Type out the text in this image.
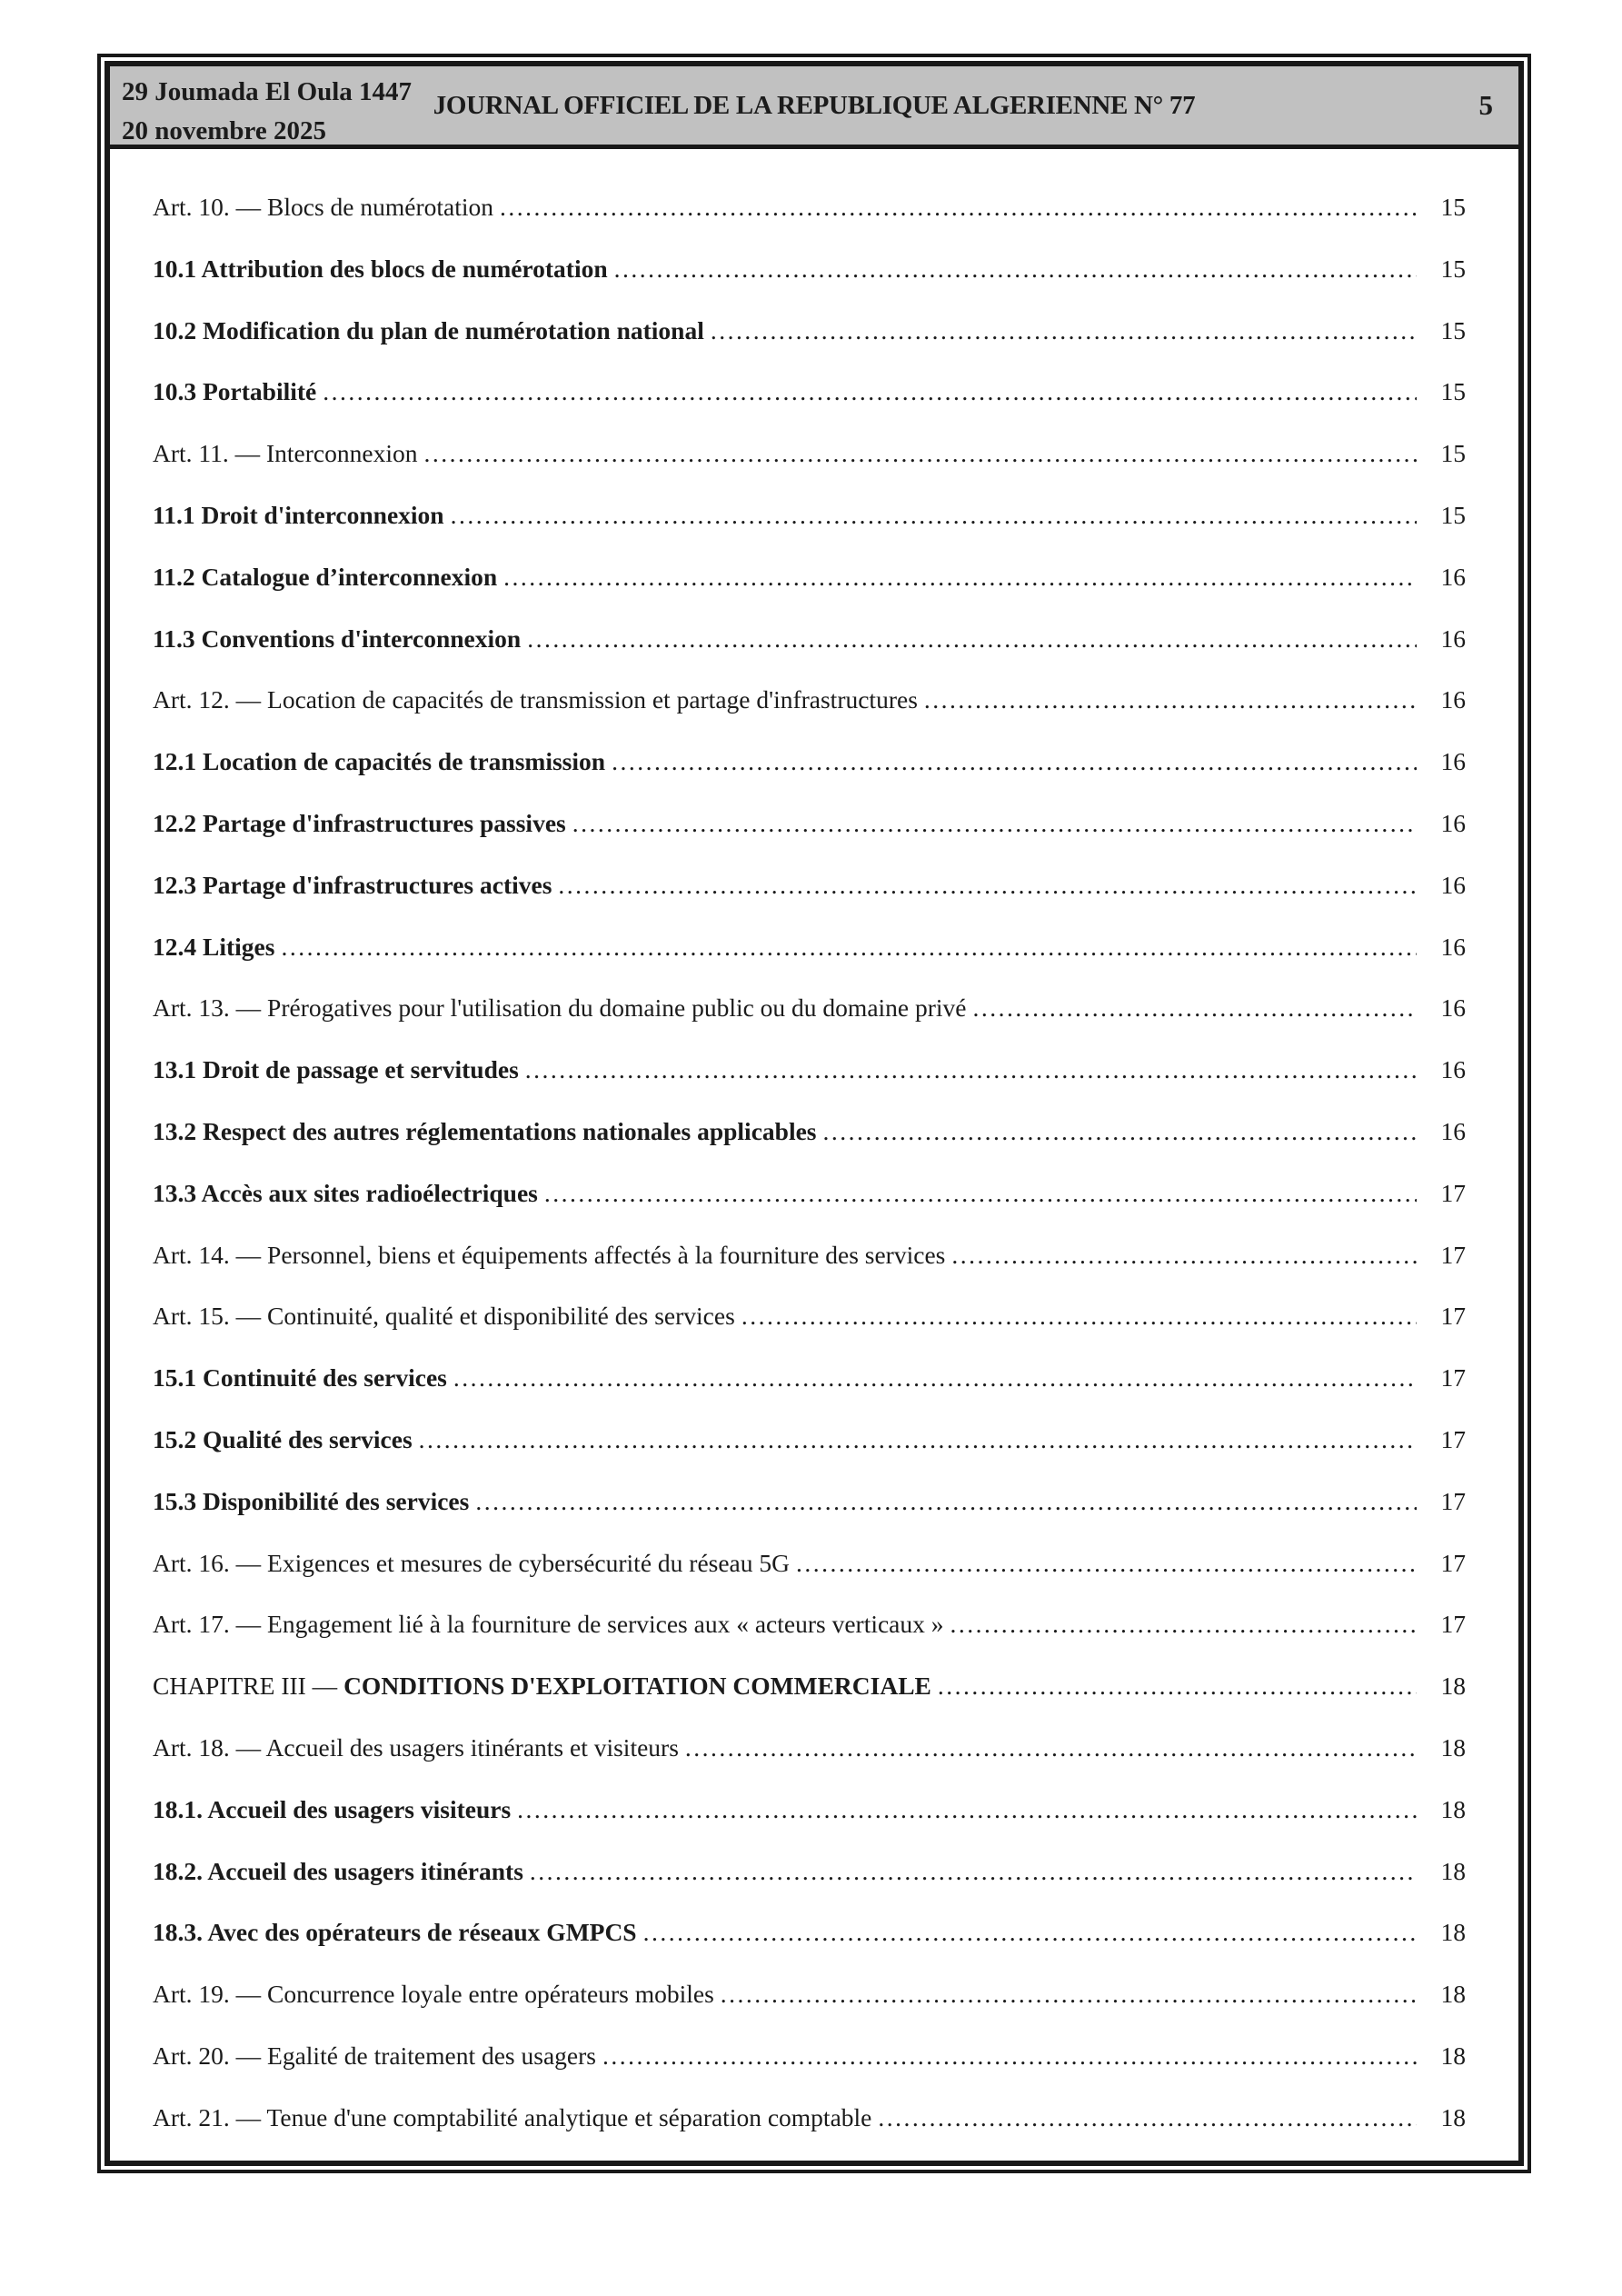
29 Joumada El Oula 1447
20 novembre 2025
JOURNAL OFFICIEL DE LA REPUBLIQUE ALGERIENNE N° 77	5
Art. 10. — Blocs de numérotation .....	15
10.1 Attribution des blocs de numérotation .....	15
10.2 Modification du plan de numérotation national .....	15
10.3 Portabilité .....	15
Art. 11. — Interconnexion .....	15
11.1 Droit d'interconnexion .....	15
11.2 Catalogue d’interconnexion .....	16
11.3 Conventions d'interconnexion .....	16
Art. 12. — Location de capacités de transmission et partage d'infrastructures .....	16
12.1 Location de capacités de transmission .....	16
12.2 Partage d'infrastructures passives .....	16
12.3 Partage d'infrastructures actives .....	16
12.4 Litiges .....	16
Art. 13. — Prérogatives pour l'utilisation du domaine public ou du domaine privé .....	16
13.1 Droit de passage et servitudes .....	16
13.2 Respect des autres réglementations nationales applicables .....	16
13.3 Accès aux sites radioélectriques .....	17
Art. 14. — Personnel, biens et équipements affectés à la fourniture des services .....	17
Art. 15. — Continuité, qualité et disponibilité des services .....	17
15.1 Continuité des services .....	17
15.2 Qualité des services .....	17
15.3 Disponibilité des services .....	17
Art. 16. — Exigences et mesures de cybersécurité du réseau 5G .....	17
Art. 17. — Engagement lié à la fourniture de services aux « acteurs verticaux » .....	17
CHAPITRE III — CONDITIONS D'EXPLOITATION COMMERCIALE .....	18
Art. 18. — Accueil des usagers itinérants et visiteurs .....	18
18.1. Accueil des usagers visiteurs .....	18
18.2. Accueil des usagers itinérants .....	18
18.3. Avec des opérateurs de réseaux GMPCS .....	18
Art. 19. — Concurrence loyale entre opérateurs mobiles .....	18
Art. 20. — Egalité de traitement des usagers .....	18
Art. 21. — Tenue d'une comptabilité analytique et séparation comptable .....	18
